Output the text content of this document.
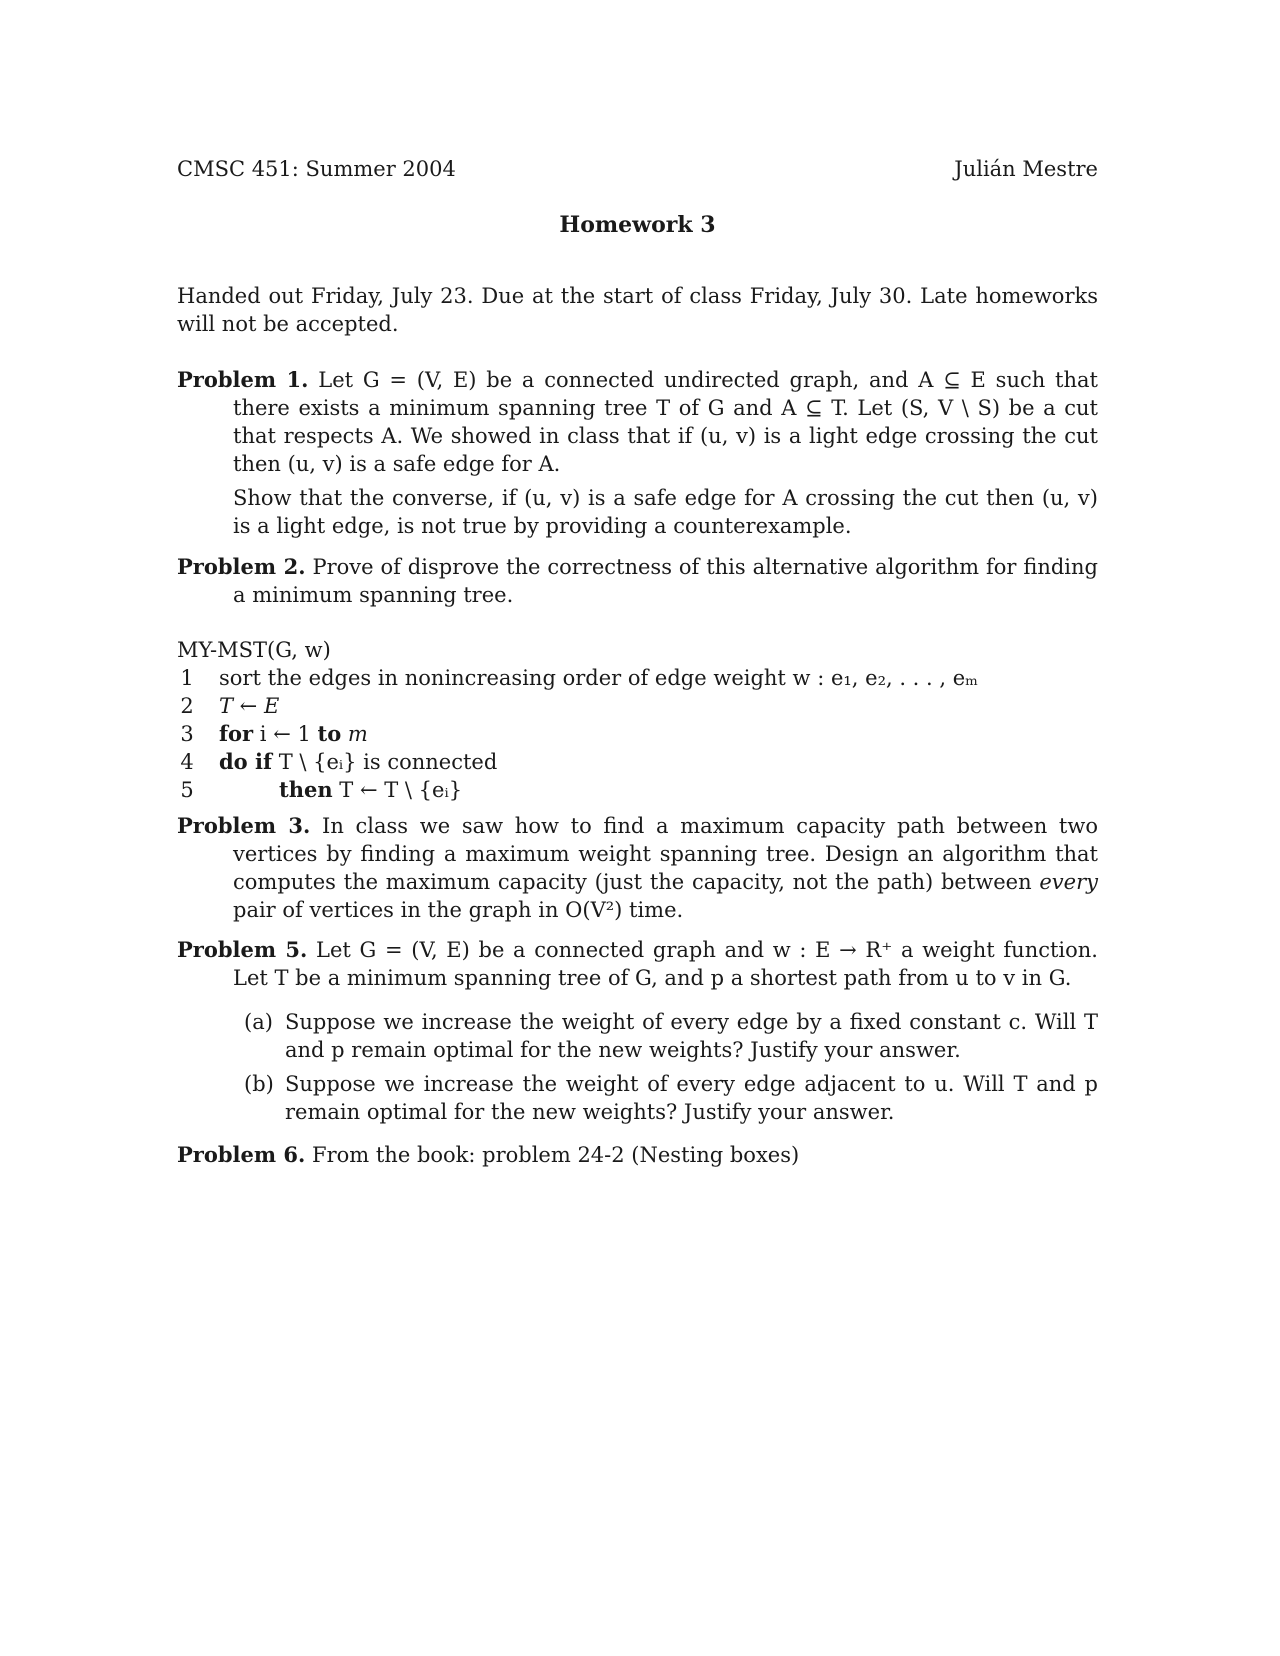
CMSC 451: Summer 2004	Julián Mestre
Homework 3
Handed out Friday, July 23. Due at the start of class Friday, July 30. Late homeworks will not be accepted.
Problem 1. Let G = (V, E) be a connected undirected graph, and A ⊆ E such that there exists a minimum spanning tree T of G and A ⊆ T. Let (S, V \ S) be a cut that respects A. We showed in class that if (u, v) is a light edge crossing the cut then (u, v) is a safe edge for A.
Show that the converse, if (u, v) is a safe edge for A crossing the cut then (u, v) is a light edge, is not true by providing a counterexample.
Problem 2. Prove of disprove the correctness of this alternative algorithm for finding a minimum spanning tree.
MY-MST(G, w)
1 sort the edges in nonincreasing order of edge weight w : e₁, e₂, . . . , eₘ
2 T ← E
3 for i ← 1 to m
4 do if T \ {eᵢ} is connected
5	then T ← T \ {eᵢ}
Problem 3. In class we saw how to find a maximum capacity path between two vertices by finding a maximum weight spanning tree. Design an algorithm that computes the maximum capacity (just the capacity, not the path) between every pair of vertices in the graph in O(V²) time.
Problem 5. Let G = (V, E) be a connected graph and w : E → R⁺ a weight function. Let T be a minimum spanning tree of G, and p a shortest path from u to v in G.
(a) Suppose we increase the weight of every edge by a fixed constant c. Will T and p remain optimal for the new weights? Justify your answer.
(b) Suppose we increase the weight of every edge adjacent to u. Will T and p remain optimal for the new weights? Justify your answer.
Problem 6. From the book: problem 24-2 (Nesting boxes)
